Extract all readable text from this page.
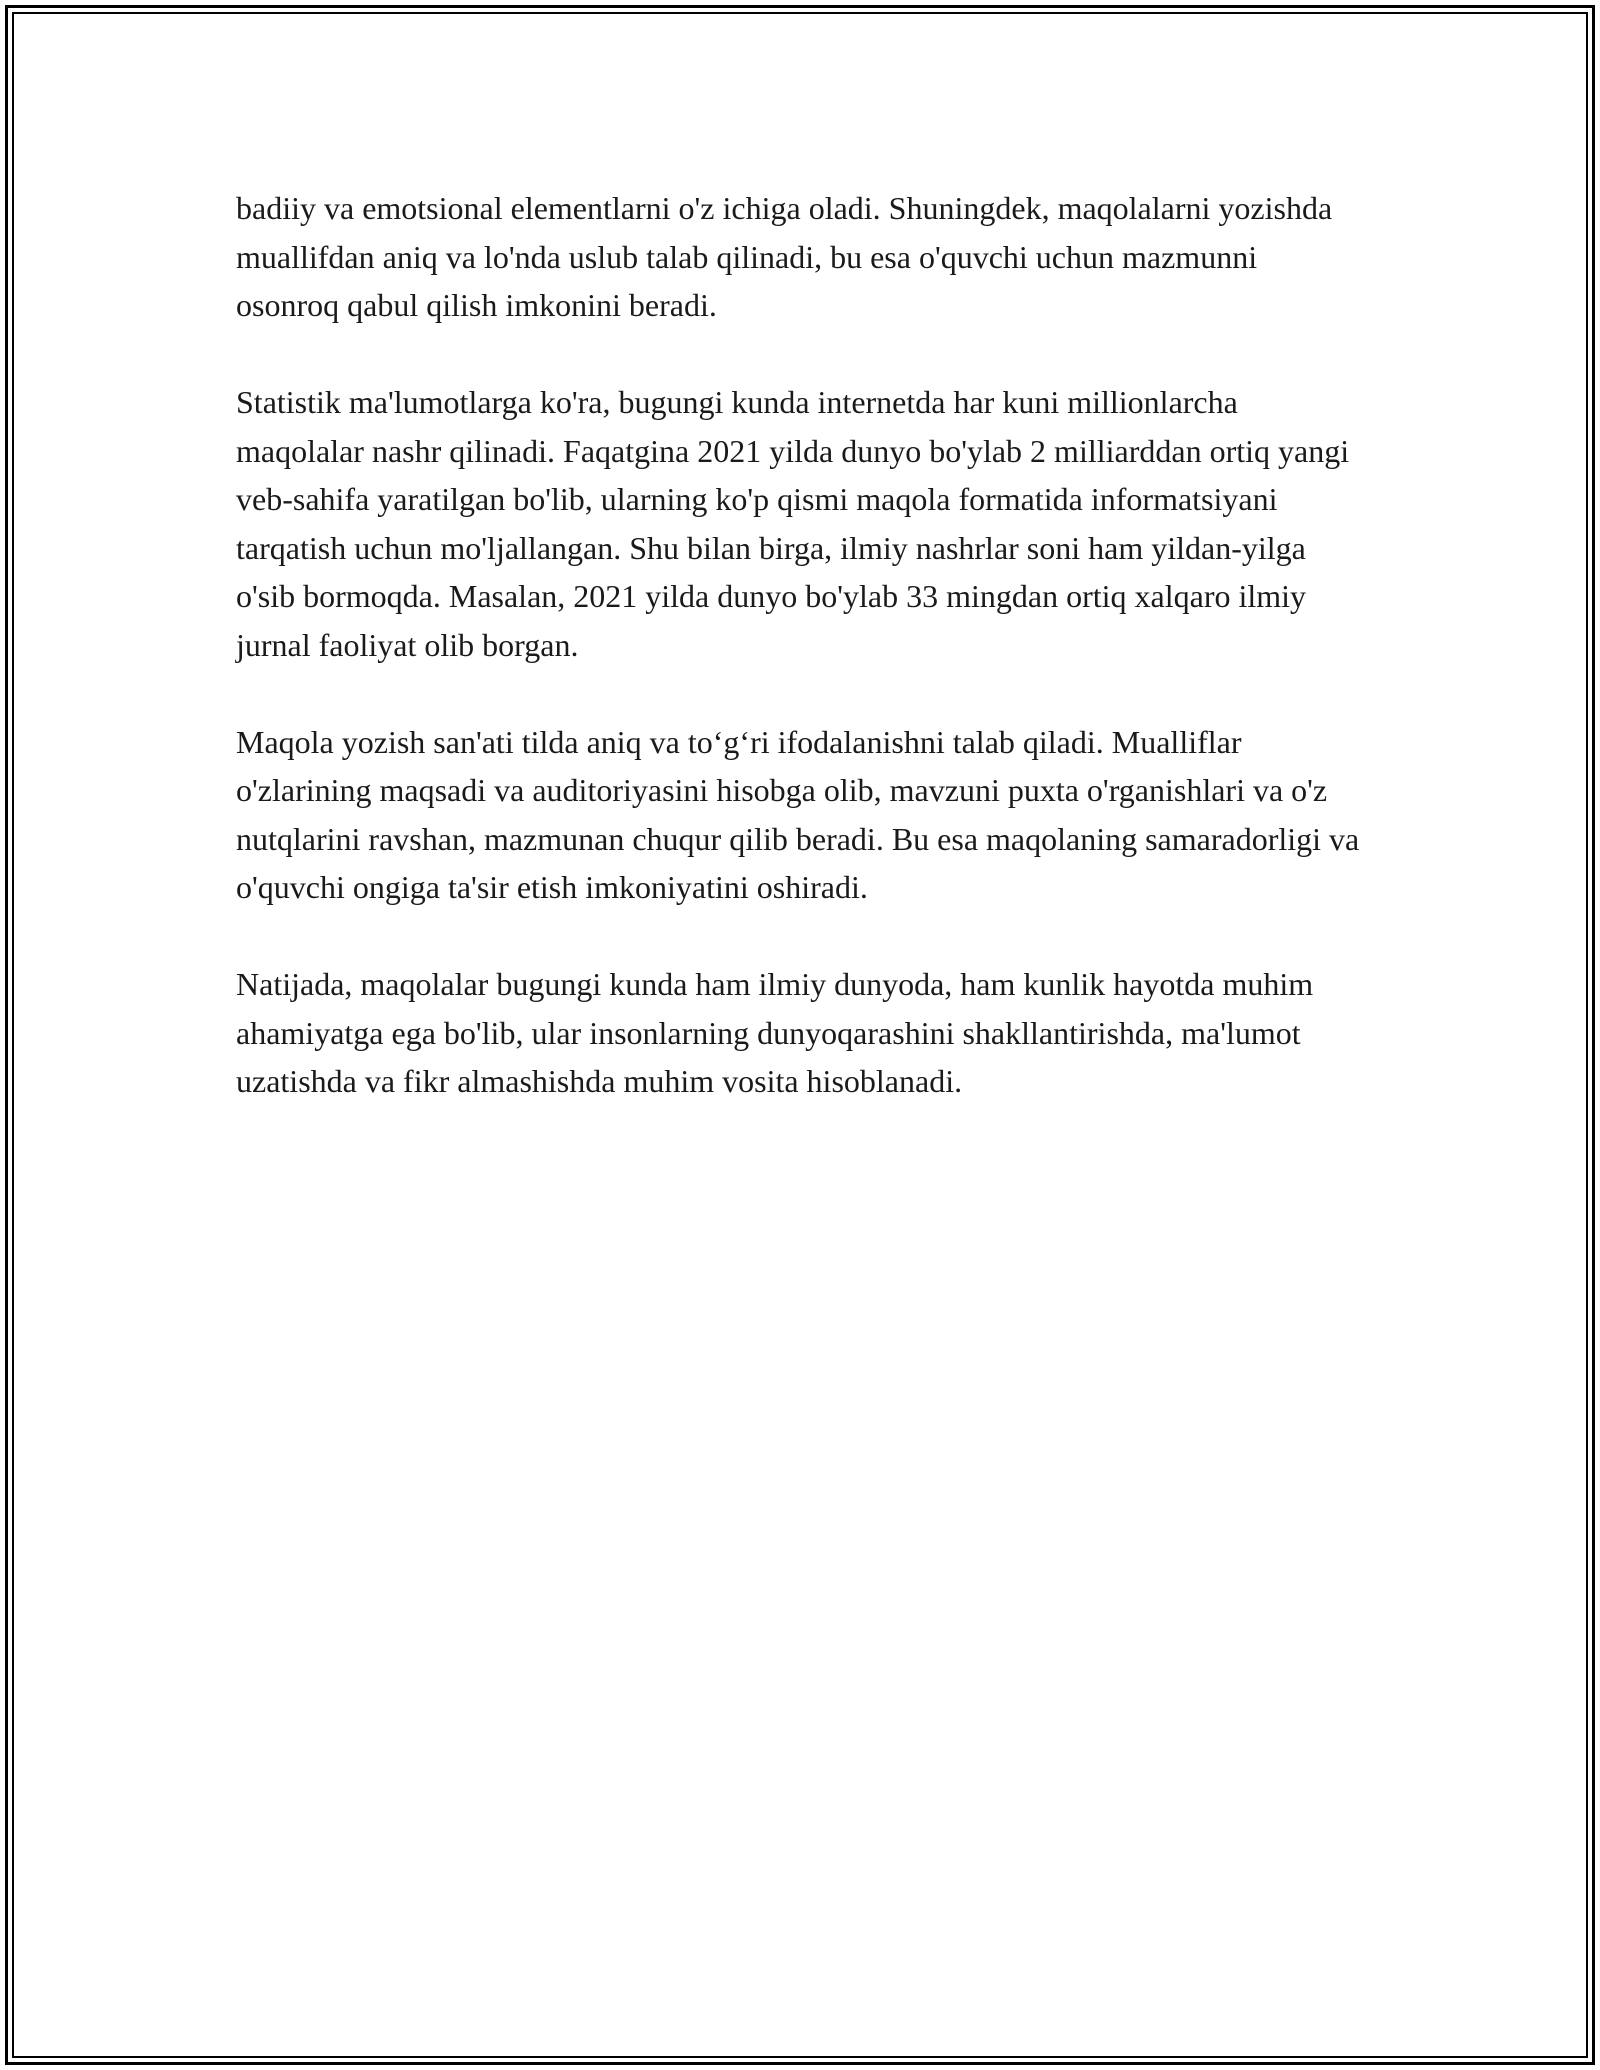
badiiy va emotsional elementlarni o'z ichiga oladi. Shuningdek, maqolalarni yozishda muallifdan aniq va lo'nda uslub talab qilinadi, bu esa o'quvchi uchun mazmunni osonroq qabul qilish imkonini beradi.

Statistik ma'lumotlarga ko'ra, bugungi kunda internetda har kuni millionlarcha maqolalar nashr qilinadi. Faqatgina 2021 yilda dunyo bo'ylab 2 milliarddan ortiq yangi veb-sahifa yaratilgan bo'lib, ularning ko'p qismi maqola formatida informatsiyani tarqatish uchun mo'ljallangan. Shu bilan birga, ilmiy nashrlar soni ham yildan-yilga o'sib bormoqda. Masalan, 2021 yilda dunyo bo'ylab 33 mingdan ortiq xalqaro ilmiy jurnal faoliyat olib borgan.

Maqola yozish san'ati tilda aniq va to‘g‘ri ifodalanishni talab qiladi. Mualliflar o'zlarining maqsadi va auditoriyasini hisobga olib, mavzuni puxta o'rganishlari va o'z nutqlarini ravshan, mazmunan chuqur qilib beradi. Bu esa maqolaning samaradorligi va o'quvchi ongiga ta'sir etish imkoniyatini oshiradi.

Natijada, maqolalar bugungi kunda ham ilmiy dunyoda, ham kunlik hayotda muhim ahamiyatga ega bo'lib, ular insonlarning dunyoqarashini shakllantirishda, ma'lumot uzatishda va fikr almashishda muhim vosita hisoblanadi.
